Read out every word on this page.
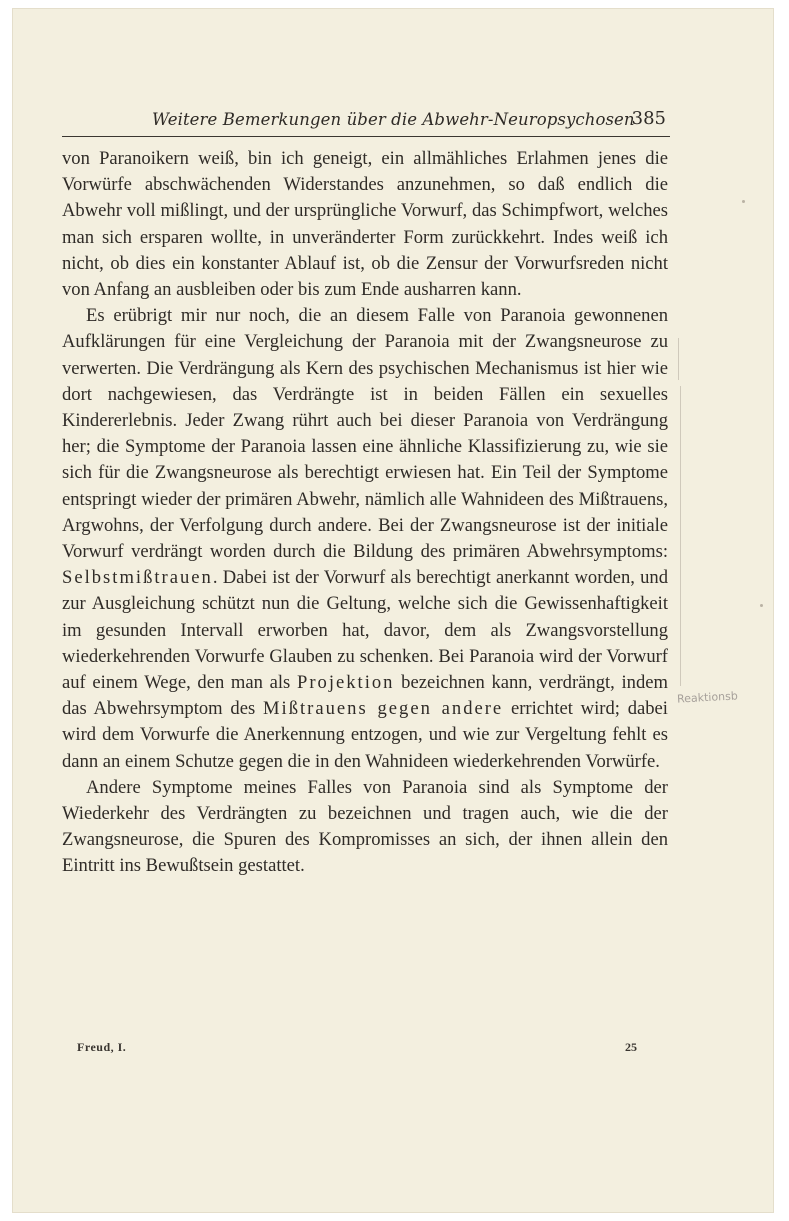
Weitere Bemerkungen über die Abwehr-Neuropsychosen
385

von Paranoikern weiß, bin ich geneigt, ein allmähliches Erlahmen jenes die Vorwürfe abschwächenden Widerstandes anzunehmen, so daß endlich die Abwehr voll mißlingt, und der ursprüngliche Vorwurf, das Schimpfwort, welches man sich ersparen wollte, in unveränderter Form zurückkehrt. Indes weiß ich nicht, ob dies ein konstanter Ablauf ist, ob die Zensur der Vorwurfsreden nicht von Anfang an ausbleiben oder bis zum Ende ausharren kann.

Es erübrigt mir nur noch, die an diesem Falle von Paranoia gewonnenen Aufklärungen für eine Vergleichung der Paranoia mit der Zwangsneurose zu verwerten. Die Verdrängung als Kern des psychischen Mechanismus ist hier wie dort nachgewiesen, das Verdrängte ist in beiden Fällen ein sexuelles Kindererlebnis. Jeder Zwang rührt auch bei dieser Paranoia von Verdrängung her; die Symptome der Paranoia lassen eine ähnliche Klassifizierung zu, wie sie sich für die Zwangsneurose als berechtigt erwiesen hat. Ein Teil der Symptome entspringt wieder der primären Abwehr, nämlich alle Wahnideen des Mißtrauens, Argwohns, der Verfolgung durch andere. Bei der Zwangsneurose ist der initiale Vorwurf verdrängt worden durch die Bildung des primären Abwehrsymptoms: Selbstmißtrauen. Dabei ist der Vorwurf als berechtigt anerkannt worden, und zur Ausgleichung schützt nun die Geltung, welche sich die Gewissenhaftigkeit im gesunden Intervall erworben hat, davor, dem als Zwangsvorstellung wiederkehrenden Vorwurfe Glauben zu schenken. Bei Paranoia wird der Vorwurf auf einem Wege, den man als Projektion bezeichnen kann, verdrängt, indem das Abwehrsymptom des Mißtrauens gegen andere errichtet wird; dabei wird dem Vorwurfe die Anerkennung entzogen, und wie zur Vergeltung fehlt es dann an einem Schutze gegen die in den Wahnideen wiederkehrenden Vorwürfe.

Andere Symptome meines Falles von Paranoia sind als Symptome der Wiederkehr des Verdrängten zu bezeichnen und tragen auch, wie die der Zwangsneurose, die Spuren des Kompromisses an sich, der ihnen allein den Eintritt ins Bewußtsein gestattet.

Freud, I.	25
Reaktionsb
